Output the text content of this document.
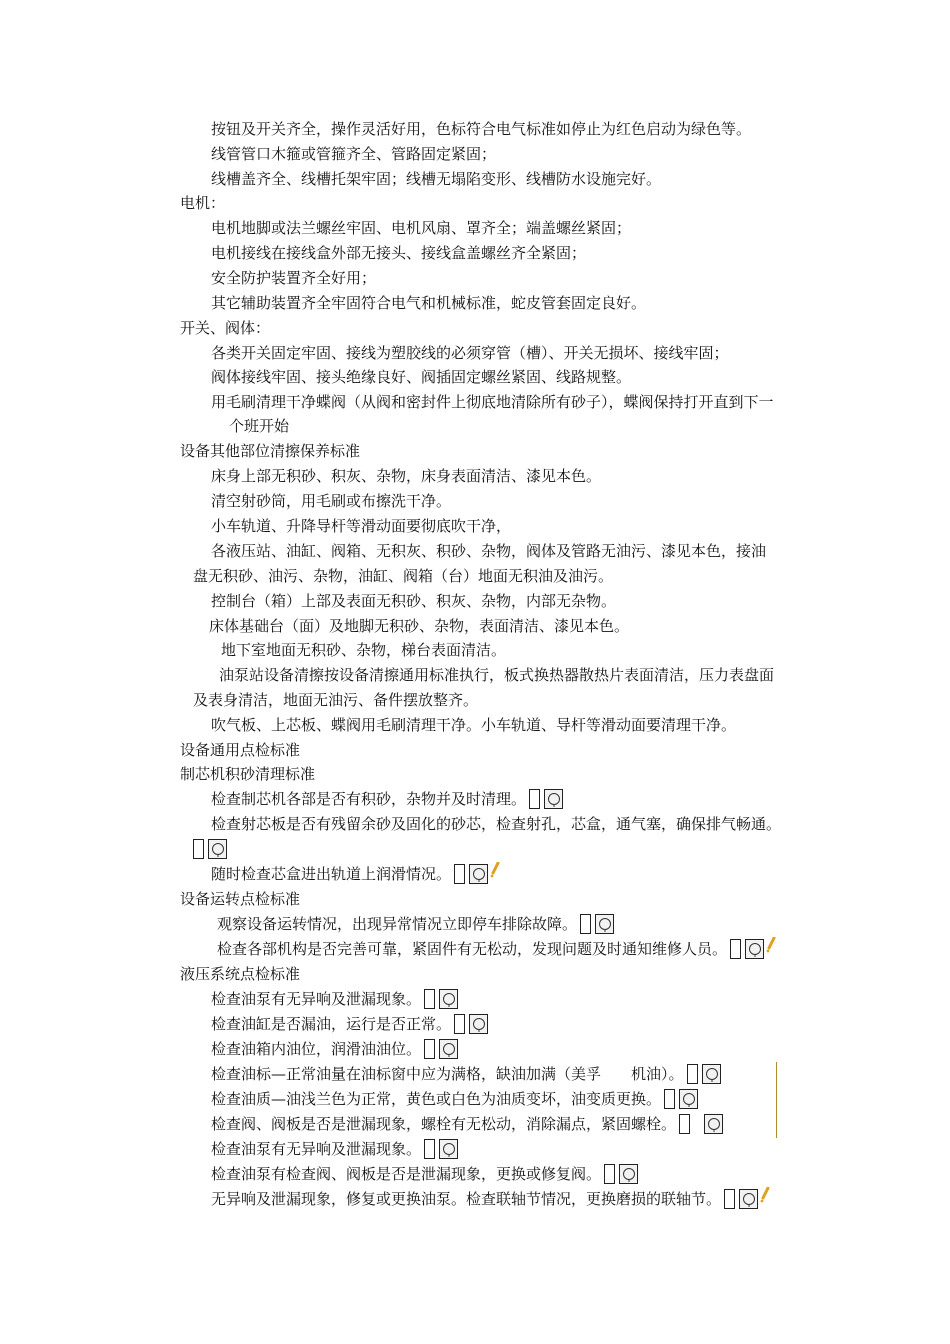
按钮及开关齐全，操作灵活好用，色标符合电气标准如停止为红色启动为绿色等。
线管管口木箍或管箍齐全、管路固定紧固；
线槽盖齐全、线槽托架牢固；线槽无塌陷变形、线槽防水设施完好。
电机：
电机地脚或法兰螺丝牢固、电机风扇、罩齐全；端盖螺丝紧固；
电机接线在接线盒外部无接头、接线盒盖螺丝齐全紧固；
安全防护装置齐全好用；
其它辅助装置齐全牢固符合电气和机械标准，蛇皮管套固定良好。
开关、阀体：
各类开关固定牢固、接线为塑胶线的必须穿管（槽）、开关无损坏、接线牢固；
阀体接线牢固、接头绝缘良好、阀插固定螺丝紧固、线路规整。
用毛刷清理干净蝶阀（从阀和密封件上彻底地清除所有砂子），蝶阀保持打开直到下一
个班开始
设备其他部位清擦保养标准
床身上部无积砂、积灰、杂物，床身表面清洁、漆见本色。
清空射砂筒，用毛刷或布擦洗干净。
小车轨道、升降导杆等滑动面要彻底吹干净，
各液压站、油缸、阀箱、无积灰、积砂、杂物，阀体及管路无油污、漆见本色，接油
盘无积砂、油污、杂物，油缸、阀箱（台）地面无积油及油污。
控制台（箱）上部及表面无积砂、积灰、杂物，内部无杂物。
床体基础台（面）及地脚无积砂、杂物，表面清洁、漆见本色。
地下室地面无积砂、杂物，梯台表面清洁。
油泵站设备清擦按设备清擦通用标准执行，板式换热器散热片表面清洁，压力表盘面
及表身清洁，地面无油污、备件摆放整齐。
吹气板、上芯板、蝶阀用毛刷清理干净。小车轨道、导杆等滑动面要清理干净。
设备通用点检标准
制芯机积砂清理标准
检查制芯机各部是否有积砂，杂物并及时清理。
检查射芯板是否有残留余砂及固化的砂芯，检查射孔，芯盒，通气塞，确保排气畅通。
随时检查芯盒进出轨道上润滑情况。
设备运转点检标准
观察设备运转情况，出现异常情况立即停车排除故障。
检查各部机构是否完善可靠，紧固件有无松动，发现问题及时通知维修人员。
液压系统点检标准
检查油泵有无异响及泄漏现象。
检查油缸是否漏油，运行是否正常。
检查油箱内油位，润滑油油位。
检查油标—正常油量在油标窗中应为满格，缺油加满（美孚　　机油）。
检查油质—油浅兰色为正常，黄色或白色为油质变坏，油变质更换。
检查阀、阀板是否是泄漏现象，螺栓有无松动，消除漏点，紧固螺栓。
检查油泵有无异响及泄漏现象。
检查油泵有检查阀、阀板是否是泄漏现象，更换或修复阀。
无异响及泄漏现象，修复或更换油泵。检查联轴节情况，更换磨损的联轴节。
